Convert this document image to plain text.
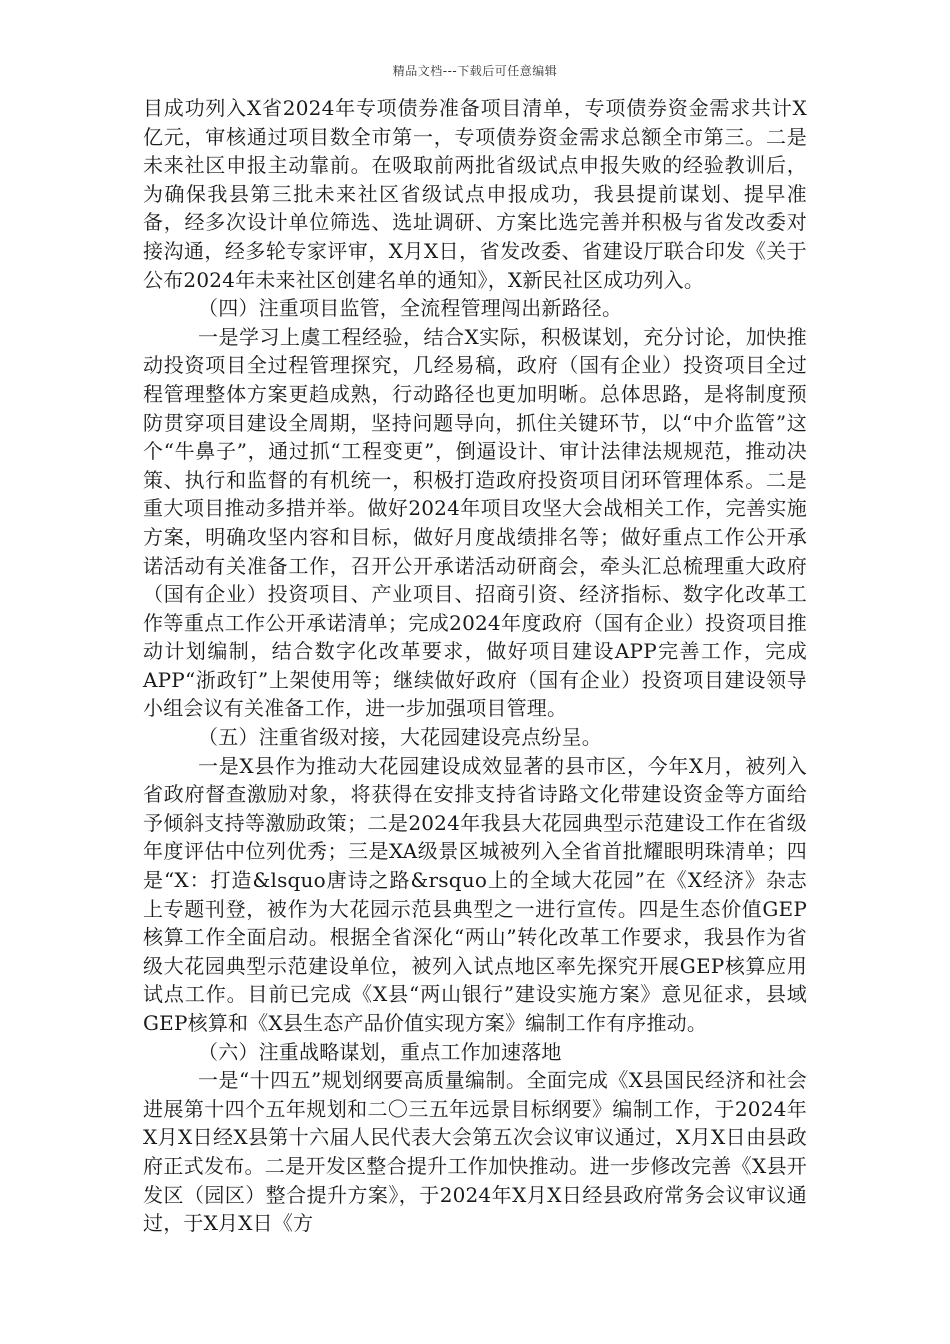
精品文档---下载后可任意编辑

目成功列入X省2024年专项债券准备项目清单，专项债券资金需求共计X亿元，审核通过项目数全市第一，专项债券资金需求总额全市第三。二是未来社区申报主动靠前。在吸取前两批省级试点申报失败的经验教训后，为确保我县第三批未来社区省级试点申报成功，我县提前谋划、提早准备，经多次设计单位筛选、选址调研、方案比选完善并积极与省发改委对接沟通，经多轮专家评审，X月X日，省发改委、省建设厅联合印发《关于公布2024年未来社区创建名单的通知》，X新民社区成功列入。

（四）注重项目监管，全流程管理闯出新路径。

一是学习上虞工程经验，结合X实际，积极谋划，充分讨论，加快推动投资项目全过程管理探究，几经易稿，政府（国有企业）投资项目全过程管理整体方案更趋成熟，行动路径也更加明晰。总体思路，是将制度预防贯穿项目建设全周期，坚持问题导向，抓住关键环节，以“中介监管”这个“牛鼻子”，通过抓“工程变更”，倒逼设计、审计法律法规规范，推动决策、执行和监督的有机统一，积极打造政府投资项目闭环管理体系。二是重大项目推动多措并举。做好2024年项目攻坚大会战相关工作，完善实施方案，明确攻坚内容和目标，做好月度战绩排名等；做好重点工作公开承诺活动有关准备工作，召开公开承诺活动研商会，牵头汇总梳理重大政府（国有企业）投资项目、产业项目、招商引资、经济指标、数字化改革工作等重点工作公开承诺清单；完成2024年度政府（国有企业）投资项目推动计划编制，结合数字化改革要求，做好项目建设APP完善工作，完成APP“浙政钉”上架使用等；继续做好政府（国有企业）投资项目建设领导小组会议有关准备工作，进一步加强项目管理。

（五）注重省级对接，大花园建设亮点纷呈。

一是X县作为推动大花园建设成效显著的县市区，今年X月，被列入省政府督查激励对象，将获得在安排支持省诗路文化带建设资金等方面给予倾斜支持等激励政策；二是2024年我县大花园典型示范建设工作在省级年度评估中位列优秀；三是XA级景区城被列入全省首批耀眼明珠清单；四是“X：打造&lsquo唐诗之路&rsquo上的全域大花园”在《X经济》杂志上专题刊登，被作为大花园示范县典型之一进行宣传。四是生态价值GEP核算工作全面启动。根据全省深化“两山”转化改革工作要求，我县作为省级大花园典型示范建设单位，被列入试点地区率先探究开展GEP核算应用试点工作。目前已完成《X县“两山银行”建设实施方案》意见征求，县域GEP核算和《X县生态产品价值实现方案》编制工作有序推动。

（六）注重战略谋划，重点工作加速落地

一是“十四五”规划纲要高质量编制。全面完成《X县国民经济和社会进展第十四个五年规划和二〇三五年远景目标纲要》编制工作，于2024年X月X日经X县第十六届人民代表大会第五次会议审议通过，X月X日由县政府正式发布。二是开发区整合提升工作加快推动。进一步修改完善《X县开发区（园区）整合提升方案》，于2024年X月X日经县政府常务会议审议通过，于X月X日《方
